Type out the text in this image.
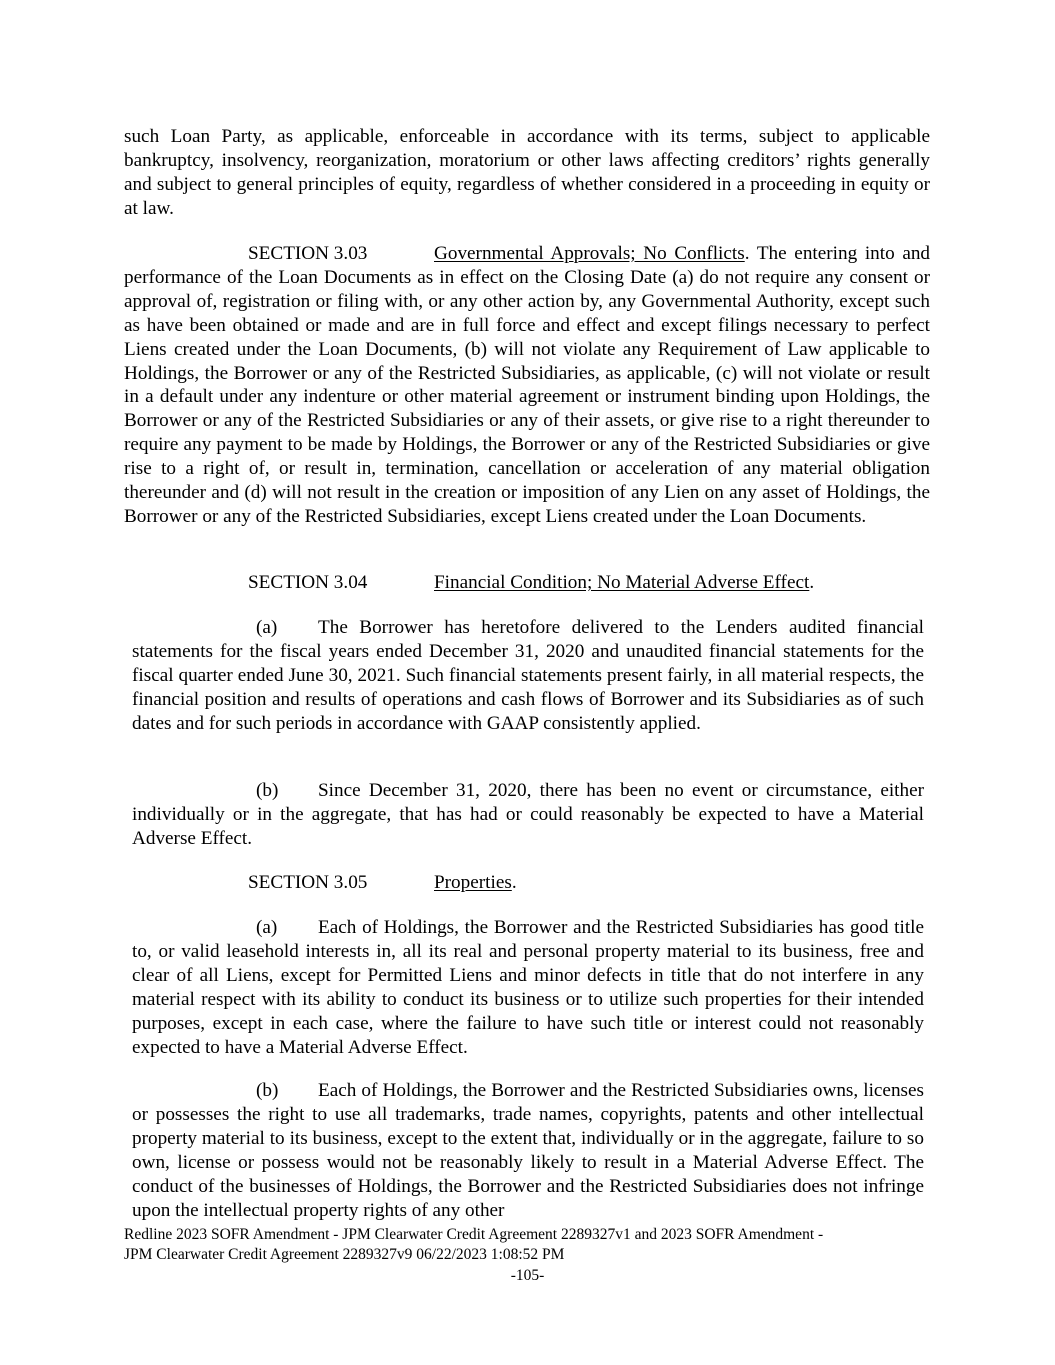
such Loan Party, as applicable, enforceable in accordance with its terms, subject to applicable bankruptcy, insolvency, reorganization, moratorium or other laws affecting creditors’ rights generally and subject to general principles of equity, regardless of whether considered in a proceeding in equity or at law.

SECTION 3.03	Governmental Approvals; No Conflicts. The entering into and performance of the Loan Documents as in effect on the Closing Date (a) do not require any consent or approval of, registration or filing with, or any other action by, any Governmental Authority, except such as have been obtained or made and are in full force and effect and except filings necessary to perfect Liens created under the Loan Documents, (b) will not violate any Requirement of Law applicable to Holdings, the Borrower or any of the Restricted Subsidiaries, as applicable, (c) will not violate or result in a default under any indenture or other material agreement or instrument binding upon Holdings, the Borrower or any of the Restricted Subsidiaries or any of their assets, or give rise to a right thereunder to require any payment to be made by Holdings, the Borrower or any of the Restricted Subsidiaries or give rise to a right of, or result in, termination, cancellation or acceleration of any material obligation thereunder and (d) will not result in the creation or imposition of any Lien on any asset of Holdings, the Borrower or any of the Restricted Subsidiaries, except Liens created under the Loan Documents.

SECTION 3.04	Financial Condition; No Material Adverse Effect.

(a) The Borrower has heretofore delivered to the Lenders audited financial statements for the fiscal years ended December 31, 2020 and unaudited financial statements for the fiscal quarter ended June 30, 2021. Such financial statements present fairly, in all material respects, the financial position and results of operations and cash flows of Borrower and its Subsidiaries as of such dates and for such periods in accordance with GAAP consistently applied.

(b) Since December 31, 2020, there has been no event or circumstance, either individually or in the aggregate, that has had or could reasonably be expected to have a Material Adverse Effect.

SECTION 3.05	Properties.

(a) Each of Holdings, the Borrower and the Restricted Subsidiaries has good title to, or valid leasehold interests in, all its real and personal property material to its business, free and clear of all Liens, except for Permitted Liens and minor defects in title that do not interfere in any material respect with its ability to conduct its business or to utilize such properties for their intended purposes, except in each case, where the failure to have such title or interest could not reasonably expected to have a Material Adverse Effect.

(b) Each of Holdings, the Borrower and the Restricted Subsidiaries owns, licenses or possesses the right to use all trademarks, trade names, copyrights, patents and other intellectual property material to its business, except to the extent that, individually or in the aggregate, failure to so own, license or possess would not be reasonably likely to result in a Material Adverse Effect. The conduct of the businesses of Holdings, the Borrower and the Restricted Subsidiaries does not infringe upon the intellectual property rights of any other

Redline 2023 SOFR Amendment - JPM Clearwater Credit Agreement 2289327v1 and 2023 SOFR Amendment -
JPM Clearwater Credit Agreement 2289327v9 06/22/2023 1:08:52 PM
-105-
